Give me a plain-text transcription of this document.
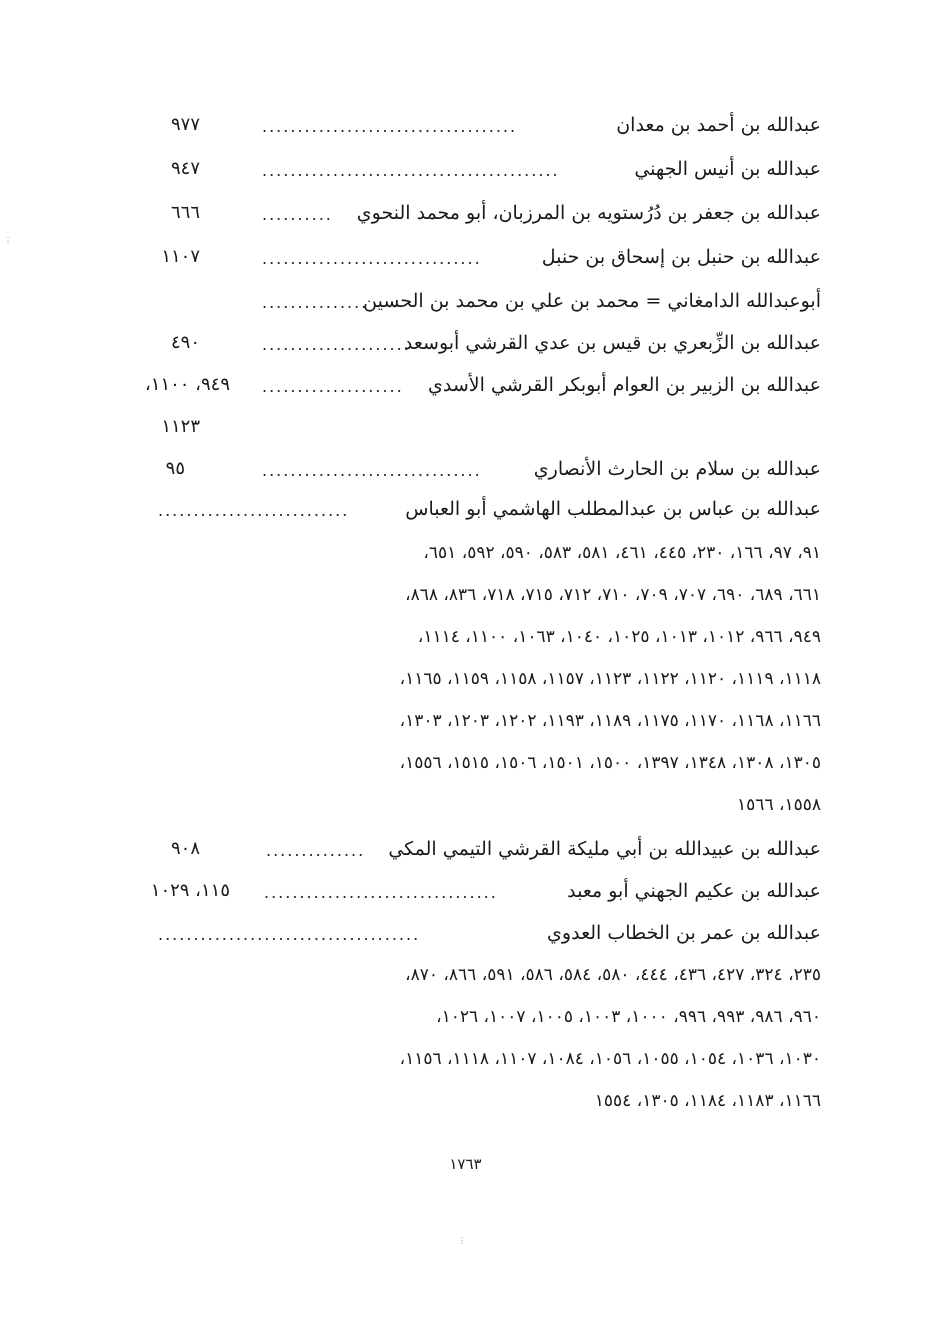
عبدالله بن أحمد بن معدان
....................................
٩٧٧
عبدالله بن أنيس الجهني
..........................................
٩٤٧
عبدالله بن جعفر بن دُرُستويه بن المرزبان، أبو محمد النحوي
..........
٦٦٦
عبدالله بن حنبل بن إسحاق بن حنبل
...............................
١١٠٧
أبوعبدالله الدامغاني = محمد بن علي بن محمد بن الحسين
...............
عبدالله بن الزِّبعري بن قيس بن عدي القرشي أبوسعد
.....................
٤٩٠
عبدالله بن الزبير بن العوام أبوبكر القرشي الأسدي
....................
٩٤٩، ١١٠٠،
١١٢٣
عبدالله بن سلام بن الحارث الأنصاري
...............................
٩٥
عبدالله بن عباس بن عبدالمطلب الهاشمي أبو العباس
...........................
٩١، ٩٧، ١٦٦، ٢٣٠، ٤٤٥، ٤٦١، ٥٨١، ٥٨٣، ٥٩٠، ٥٩٢، ٦٥١،
٦٦١، ٦٨٩، ٦٩٠، ٧٠٧، ٧٠٩، ٧١٠، ٧١٢، ٧١٥، ٧١٨، ٨٣٦، ٨٦٨،
٩٤٩، ٩٦٦، ١٠١٢، ١٠١٣، ١٠٢٥، ١٠٤٠، ١٠٦٣، ١١٠٠، ١١١٤،
١١١٨، ١١١٩، ١١٢٠، ١١٢٢، ١١٢٣، ١١٥٧، ١١٥٨، ١١٥٩، ١١٦٥،
١١٦٦، ١١٦٨، ١١٧٠، ١١٧٥، ١١٨٩، ١١٩٣، ١٢٠٢، ١٢٠٣، ١٣٠٣،
١٣٠٥، ١٣٠٨، ١٣٤٨، ١٣٩٧، ١٥٠٠، ١٥٠١، ١٥٠٦، ١٥١٥، ١٥٥٦،
١٥٥٨، ١٥٦٦
عبدالله بن عبيدالله بن أبي مليكة القرشي التيمي المكي
..............
٩٠٨
عبدالله بن عكيم الجهني أبو معبد
.................................
١١٥، ١٠٢٩
عبدالله بن عمر بن الخطاب العدوي
.....................................
٢٣٥، ٣٢٤، ٤٢٧، ٤٣٦، ٤٤٤، ٥٨٠، ٥٨٤، ٥٨٦، ٥٩١، ٨٦٦، ٨٧٠،
٩٦٠، ٩٨٦، ٩٩٣، ٩٩٦، ١٠٠٠، ١٠٠٣، ١٠٠٥، ١٠٠٧، ١٠٢٦،
١٠٣٠، ١٠٣٦، ١٠٥٤، ١٠٥٥، ١٠٥٦، ١٠٨٤، ١١٠٧، ١١١٨، ١١٥٦،
١١٦٦، ١١٨٣، ١١٨٤، ١٣٠٥، ١٥٥٤
١٧٦٣
⋮
⋮
